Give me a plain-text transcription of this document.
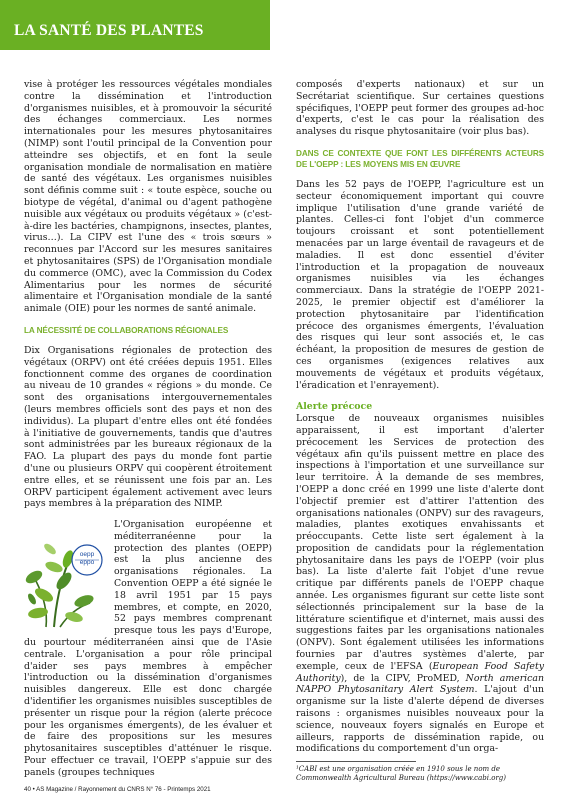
LA SANTÉ DES PLANTES

vise à protéger les ressources végétales mondiales contre la dissémination et l'introduction d'organismes nuisibles, et à promouvoir la sécurité des échanges commerciaux. Les normes internationales pour les mesures phytosanitaires (NIMP) sont l'outil principal de la Convention pour atteindre ses objectifs, et en font la seule organisation mondiale de normalisation en matière de santé des végétaux. Les organismes nuisibles sont définis comme suit : « toute espèce, souche ou biotype de végétal, d'animal ou d'agent pathogène nuisible aux végétaux ou produits végétaux » (c'est-à-dire les bactéries, champignons, insectes, plantes, virus…). La CIPV est l'une des « trois sœurs » reconnues par l'Accord sur les mesures sanitaires et phytosanitaires (SPS) de l'Organisation mondiale du commerce (OMC), avec la Commission du Codex Alimentarius pour les normes de sécurité alimentaire et l'Organisation mondiale de la santé animale (OIE) pour les normes de santé animale.

LA NÉCESSITÉ DE COLLABORATIONS RÉGIONALES

Dix Organisations régionales de protection des végétaux (ORPV) ont été créées depuis 1951. Elles fonctionnent comme des organes de coordination au niveau de 10 grandes « régions » du monde. Ce sont des organisations intergouvernementales (leurs membres officiels sont des pays et non des individus). La plupart d'entre elles ont été fondées à l'initiative de gouvernements, tandis que d'autres sont administrées par les bureaux régionaux de la FAO. La plupart des pays du monde font partie d'une ou plusieurs ORPV qui coopèrent étroitement entre elles, et se réunissent une fois par an. Les ORPV participent également activement avec leurs pays membres à la préparation des NIMP.

oepp
eppo

L'Organisation européenne et méditerranéenne pour la protection des plantes (OEPP) est la plus ancienne des organisations régionales. La Convention OEPP a été signée le 18 avril 1951 par 15 pays membres, et compte, en 2020, 52 pays membres comprenant presque tous les pays d'Europe, du pourtour méditerranéen ainsi que de l'Asie centrale. L'organisation a pour rôle principal d'aider ses pays membres à empêcher l'introduction ou la dissémination d'organismes nuisibles dangereux. Elle est donc chargée d'identifier les organismes nuisibles susceptibles de présenter un risque pour la région (alerte précoce pour les organismes émergents), de les évaluer et de faire des propositions sur les mesures phytosanitaires susceptibles d'atténuer le risque. Pour effectuer ce travail, l'OEPP s'appuie sur des panels (groupes techniques

composés d'experts nationaux) et sur un Secrétariat scientifique. Sur certaines questions spécifiques, l'OEPP peut former des groupes ad-hoc d'experts, c'est le cas pour la réalisation des analyses du risque phytosanitaire (voir plus bas).

DANS CE CONTEXTE QUE FONT LES DIFFÉRENTS ACTEURS DE L'OEPP : LES MOYENS MIS EN ŒUVRE

Dans les 52 pays de l'OEPP, l'agriculture est un secteur économiquement important qui couvre implique l'utilisation d'une grande variété de plantes. Celles-ci font l'objet d'un commerce toujours croissant et sont potentiellement menacées par un large éventail de ravageurs et de maladies. Il est donc essentiel d'éviter l'introduction et la propagation de nouveaux organismes nuisibles via les échanges commerciaux. Dans la stratégie de l'OEPP 2021-2025, le premier objectif est d'améliorer la protection phytosanitaire par l'identification précoce des organismes émergents, l'évaluation des risques qui leur sont associés et, le cas échéant, la proposition de mesures de gestion de ces organismes (exigences relatives aux mouvements de végétaux et produits végétaux, l'éradication et l'enrayement).

Alerte précoce

Lorsque de nouveaux organismes nuisibles apparaissent, il est important d'alerter précocement les Services de protection des végétaux afin qu'ils puissent mettre en place des inspections à l'importation et une surveillance sur leur territoire. À la demande de ses membres, l'OEPP a donc créé en 1999 une liste d'alerte dont l'objectif premier est d'attirer l'attention des organisations nationales (ONPV) sur des ravageurs, maladies, plantes exotiques envahissants et préoccupants. Cette liste sert également à la proposition de candidats pour la réglementation phytosanitaire dans les pays de l'OEPP (voir plus bas). La liste d'alerte fait l'objet d'une revue critique par différents panels de l'OEPP chaque année. Les organismes figurant sur cette liste sont sélectionnés principalement sur la base de la littérature scientifique et d'internet, mais aussi des suggestions faites par les organisations nationales (ONPV). Sont également utilisées les informations fournies par d'autres systèmes d'alerte, par exemple, ceux de l'EFSA (European Food Safety Authority), de la CIPV, ProMED, North american NAPPO Phytosanitary Alert System. L'ajout d'un organisme sur la liste d'alerte dépend de diverses raisons : organismes nuisibles nouveaux pour la science, nouveaux foyers signalés en Europe et ailleurs, rapports de dissémination rapide, ou modifications du comportement d'un orga-

¹CABI est une organisation créée en 1910 sous le nom de Commonwealth Agricultural Bureau (https://www.cabi.org)

40 • AS Magazine / Rayonnement du CNRS N° 76 - Printemps 2021
